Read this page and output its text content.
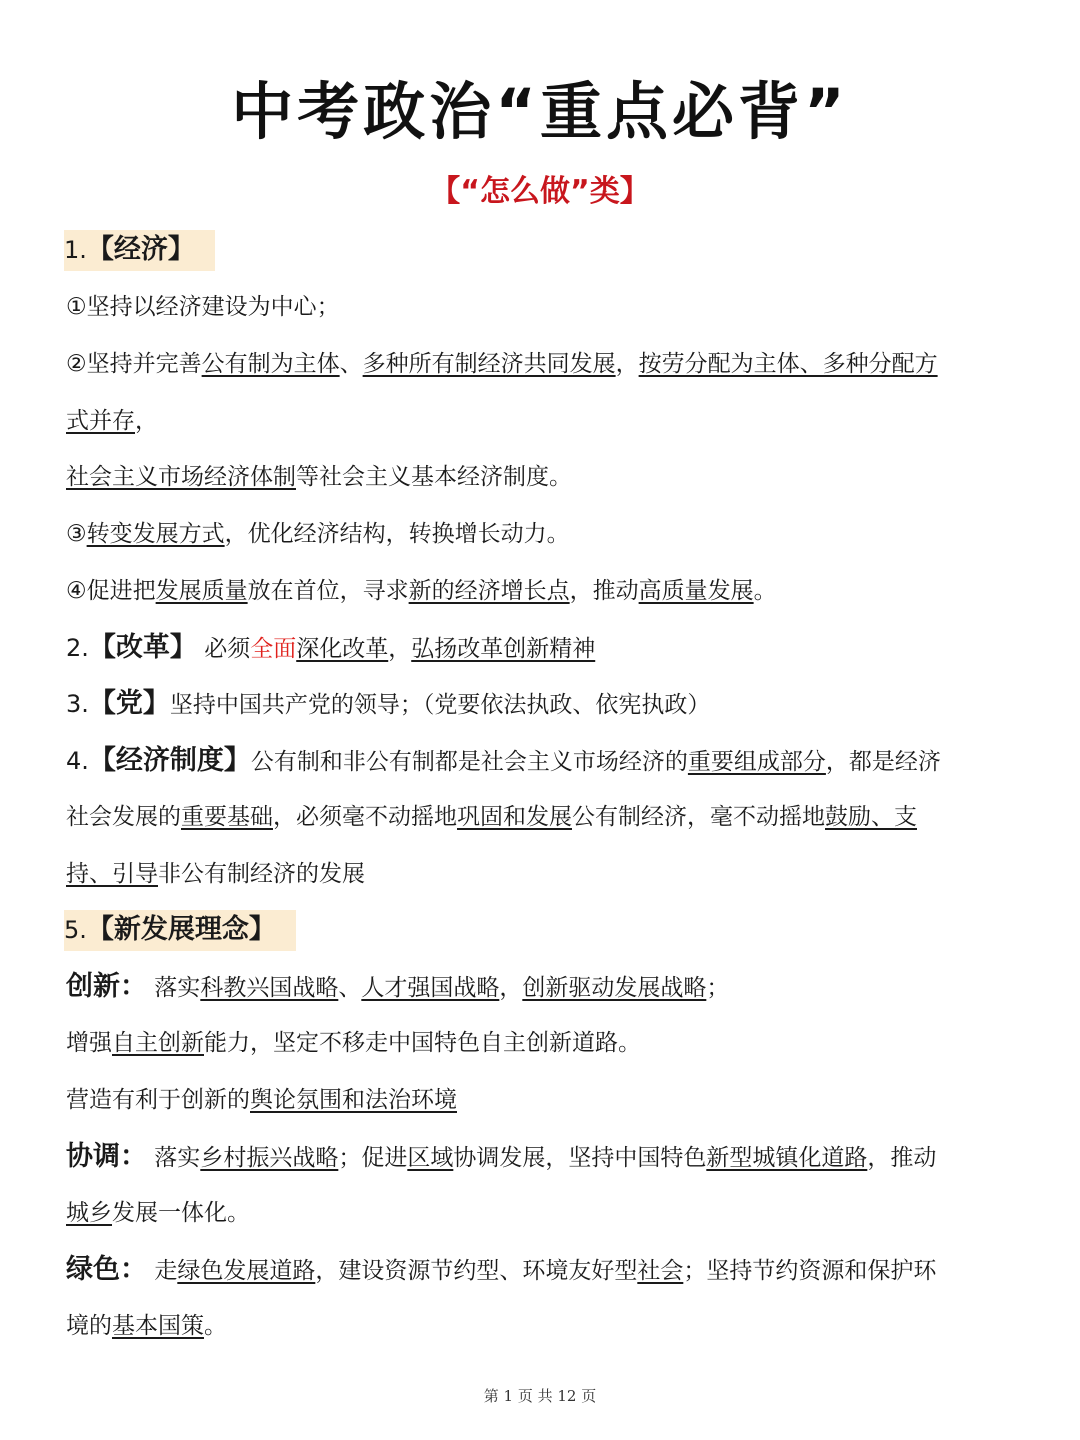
中考政治“重点必背”
【“怎么做”类】
1.【经济】
①坚持以经济建设为中心；
②坚持并完善公有制为主体、多种所有制经济共同发展，按劳分配为主体、多种分配方
式并存，
社会主义市场经济体制等社会主义基本经济制度。
③转变发展方式，优化经济结构，转换增长动力。
④促进把发展质量放在首位，寻求新的经济增长点，推动高质量发展。
2.【改革】 必须全面深化改革，弘扬改革创新精神
3.【党】坚持中国共产党的领导；（党要依法执政、依宪执政）
4.【经济制度】公有制和非公有制都是社会主义市场经济的重要组成部分，都是经济
社会发展的重要基础，必须毫不动摇地巩固和发展公有制经济，毫不动摇地鼓励、支
持、引导非公有制经济的发展
5.【新发展理念】
创新： 落实科教兴国战略、人才强国战略，创新驱动发展战略；
增强自主创新能力，坚定不移走中国特色自主创新道路。
营造有利于创新的舆论氛围和法治环境
协调： 落实乡村振兴战略；促进区域协调发展，坚持中国特色新型城镇化道路，推动
城乡发展一体化。
绿色： 走绿色发展道路，建设资源节约型、环境友好型社会；坚持节约资源和保护环
境的基本国策。
第 1 页 共 12 页
